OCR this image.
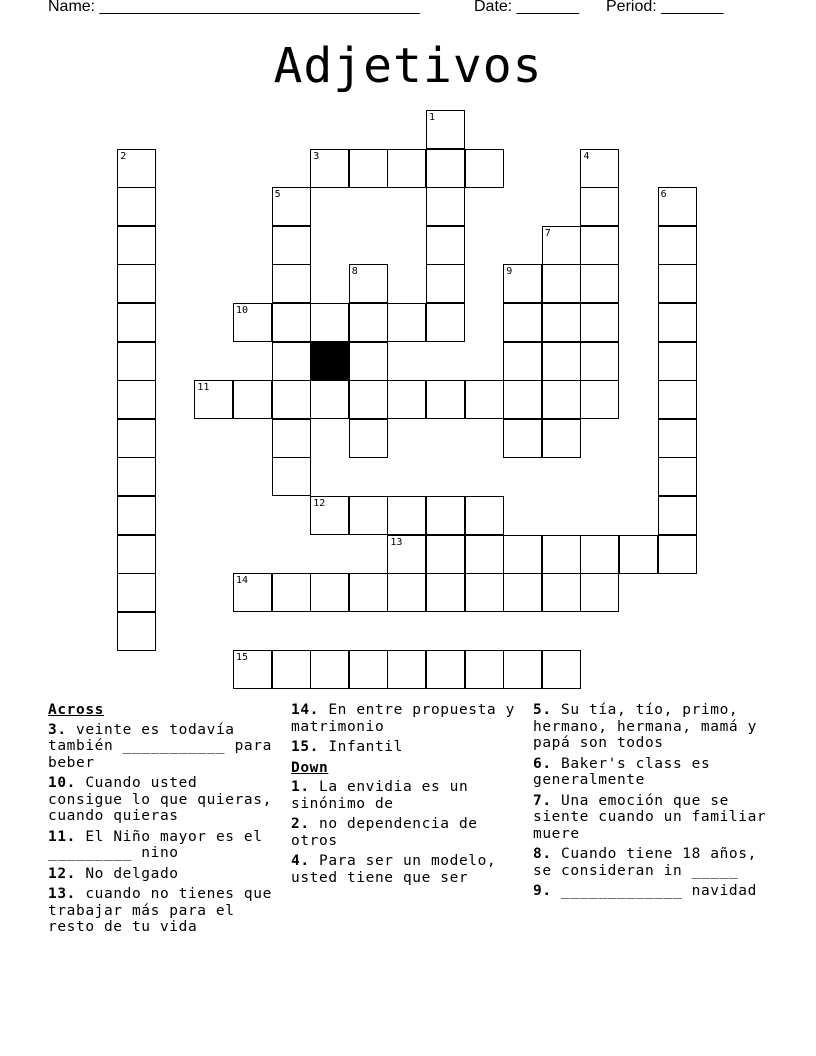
Name: ____________________________________	Date: _______ Period: _______
Adjetivos
1
2	3	4
5	6
7
8	9
10
11
12
13
14
15
Across
3. veinte es todavía también ___________ para beber
10. Cuando usted consigue lo que quieras, cuando quieras
11. El Niño mayor es el _________ nino
12. No delgado
13. cuando no tienes que trabajar más para el resto de tu vida
14. En entre propuesta y matrimonio
15. Infantil
Down
1. La envidia es un sinónimo de
2. no dependencia de otros
4. Para ser un modelo, usted tiene que ser
5. Su tía, tío, primo, hermano, hermana, mamá y papá son todos
6. Baker's class es generalmente
7. Una emoción que se siente cuando un familiar muere
8. Cuando tiene 18 años, se consideran in _____
9. _____________ navidad
